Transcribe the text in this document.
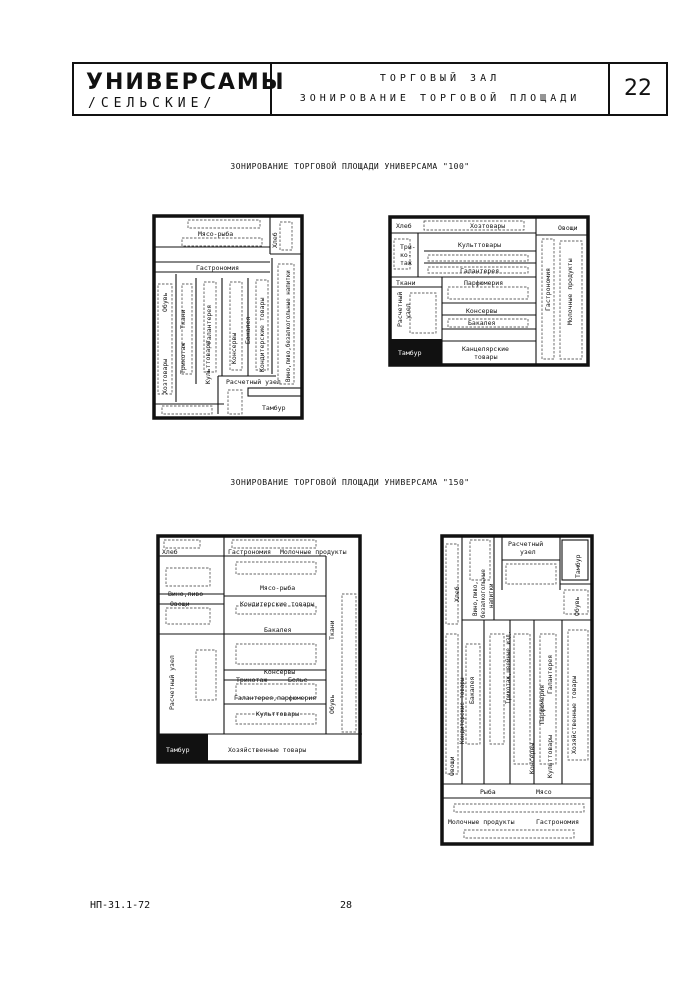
УНИВЕРСАМЫ
/СЕЛЬСКИЕ/
ТОРГОВЫЙ ЗАЛ
ЗОНИРОВАНИЕ ТОРГОВОЙ ПЛОЩАДИ	22
ЗОНИРОВАНИЕ ТОРГОВОЙ ПЛОЩАДИ УНИВЕРСАМА "100"
Мясо-рыба	Хлеб
Гастрономия
Обувь
Ткани
Трикотаж
Галантерея
Хозтовары	Культтовары	Консервы
Бакалея Кондитерские товары	Вино,пиво,безалкогольные напитки
Расчетный узел
Тамбур
Хлеб	Хозтовары	Овощи
Три-
ко-
таж
Культтовары
Галантерея
Ткани	Парфюмерия
Расчетный узел	Консервы
Бакалея
Гастрономия Молочные продукты
Тамбур	Канцелярские
товары
ЗОНИРОВАНИЕ ТОРГОВОЙ ПЛОЩАДИ УНИВЕРСАМА "150"
Хлеб	Гастрономия Молочные продукты
Мясо-рыба
Вино,пиво
Овощи	Кондитерские товары
Бакалея
Консервы
Трикотаж	Белье
Галантерея,парфюмерия
Культтовары
Расчетный узел
Ткани
Обувь
Тамбур	Хозяйственные товары
Расчетный
узел
Тамбур
Хлеб Вино,пиво, безалкогольные напитки	Обувь
Кондитерские товары Бакалея	Трикотаж,швейные изд.	Галантерея
Хозяйственные товары
Овощи	Консервы
Парфюмерия
Культтовары
Рыба	Мясо
Молочные продукты	Гастрономия
НП-31.1-72	28
